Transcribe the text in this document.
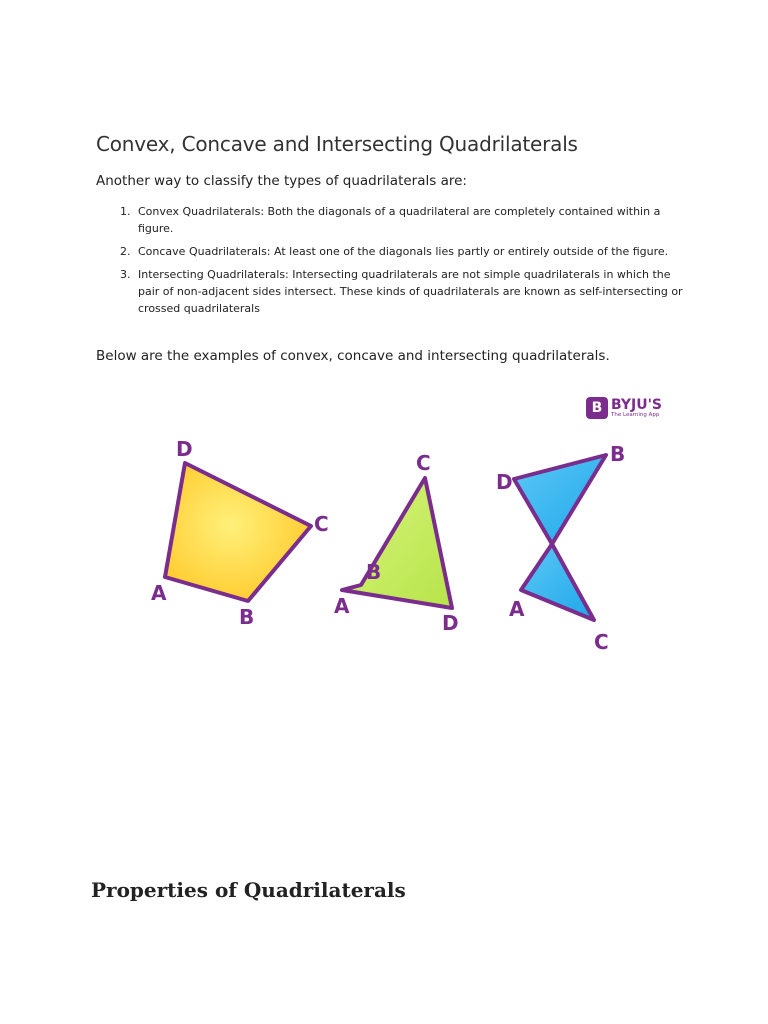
Convex, Concave and Intersecting Quadrilaterals

Another way to classify the types of quadrilaterals are:

1. Convex Quadrilaterals: Both the diagonals of a quadrilateral are completely contained within a figure.
2. Concave Quadrilaterals: At least one of the diagonals lies partly or entirely outside of the figure.
3. Intersecting Quadrilaterals: Intersecting quadrilaterals are not simple quadrilaterals in which the pair of non-adjacent sides intersect. These kinds of quadrilaterals are known as self-intersecting or crossed quadrilaterals

Below are the examples of convex, concave and intersecting quadrilaterals.

D
C
A
B
C
B
A
D
B
D
A
C
B BYJU'S
The Learning App
Properties of Quadrilaterals
